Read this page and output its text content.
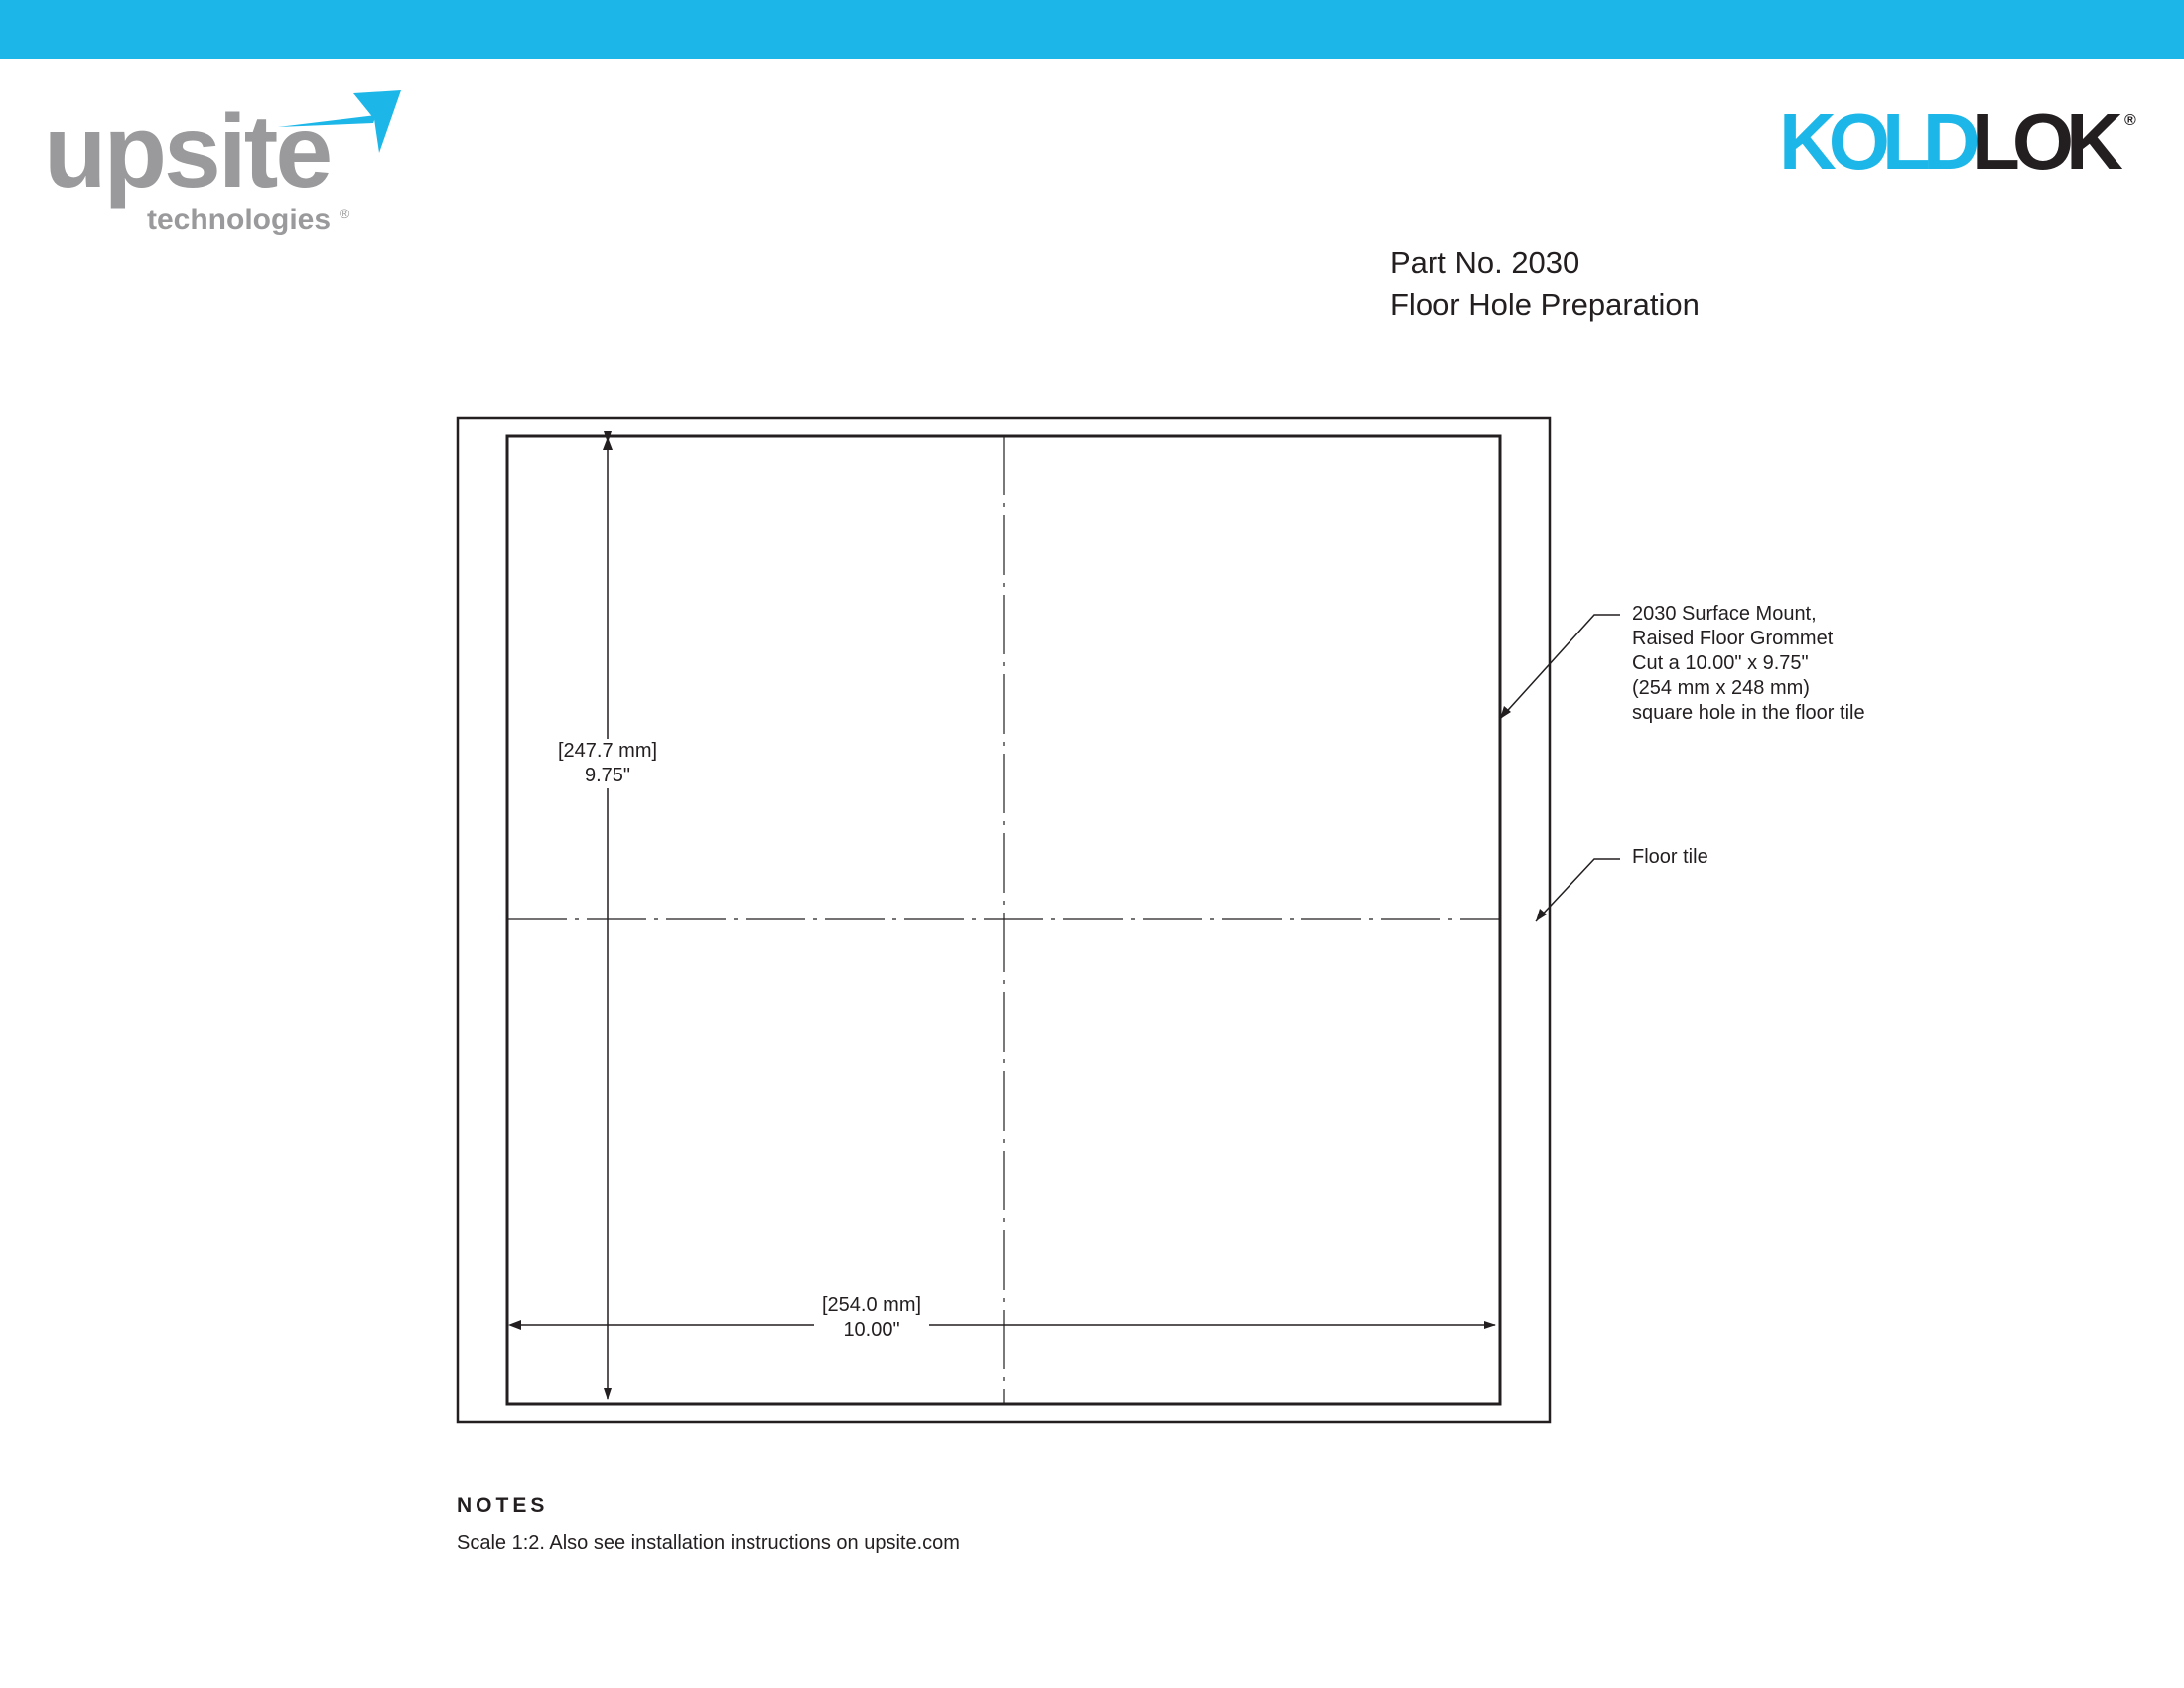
upsite
technologies ®
KOLD LOK ®
Part No. 2030
Floor Hole Preparation
[247.7 mm]
9.75"
[254.0 mm]
10.00"
2030 Surface Mount,
Raised Floor Grommet
Cut a 10.00" x 9.75"
(254 mm x 248 mm)
square hole in the floor tile
Floor tile
NOTES
Scale 1:2. Also see installation instructions on upsite.com
